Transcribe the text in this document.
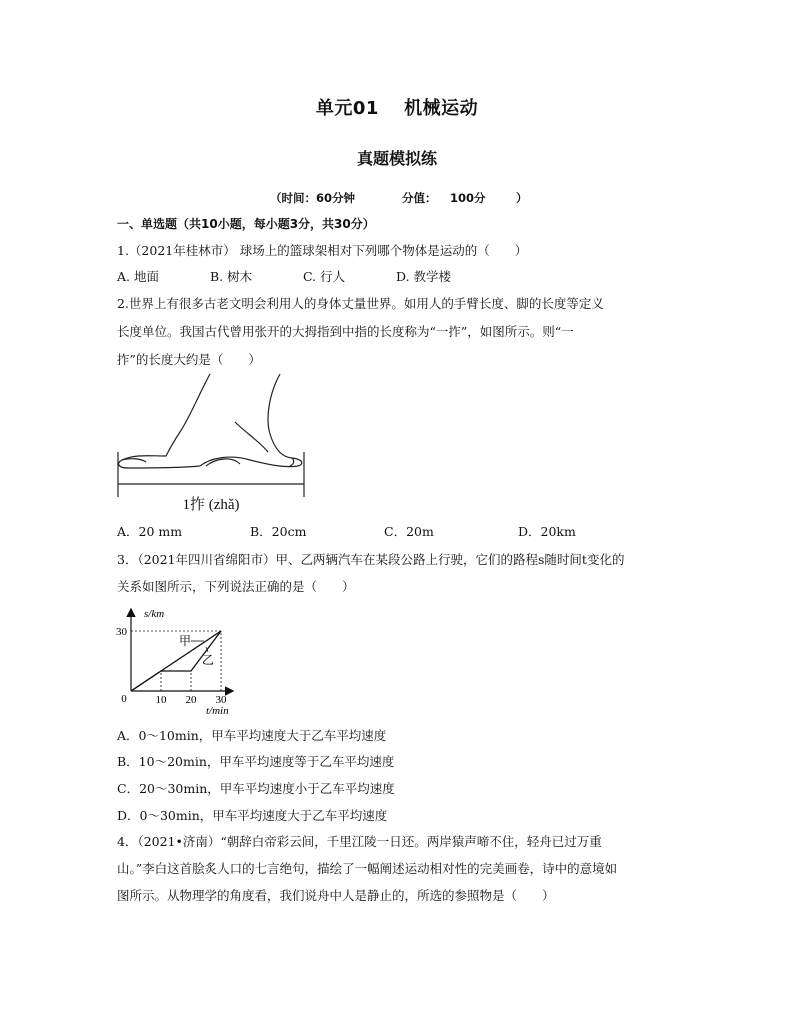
单元01　 机械运动
真题模拟练
（时间：60分钟	分值： 100分	）
一、单选题（共10小题，每小题3分，共30分）
1.（2021年桂林市） 球场上的篮球架相对下列哪个物体是运动的（　　）
A. 地面	B. 树木	C. 行人	D. 教学楼
2.世界上有很多古老文明会利用人的身体丈量世界。如用人的手臂长度、脚的长度等定义
长度单位。我国古代曾用张开的大拇指到中指的长度称为“一拃”，如图所示。则“一
拃”的长度大约是（　　）
1拃 (zhǎ)
A．20 mm	B．20cm	C．20m	D．20km
3．（2021年四川省绵阳市）甲、乙两辆汽车在某段公路上行驶，它们的路程s随时间t变化的
关系如图所示，下列说法正确的是（　　）
s/km
t/min
0	10 20 30
30
甲
乙
A．0～10min，甲车平均速度大于乙车平均速度
B．10～20min，甲车平均速度等于乙车平均速度
C．20～30min，甲车平均速度小于乙车平均速度
D．0～30min，甲车平均速度大于乙车平均速度
4．（2021•济南）“朝辞白帝彩云间，千里江陵一日还。两岸猿声啼不住，轻舟已过万重
山。”李白这首脍炙人口的七言绝句，描绘了一幅阐述运动相对性的完美画卷，诗中的意境如
图所示。从物理学的角度看，我们说舟中人是静止的，所选的参照物是（　　）
